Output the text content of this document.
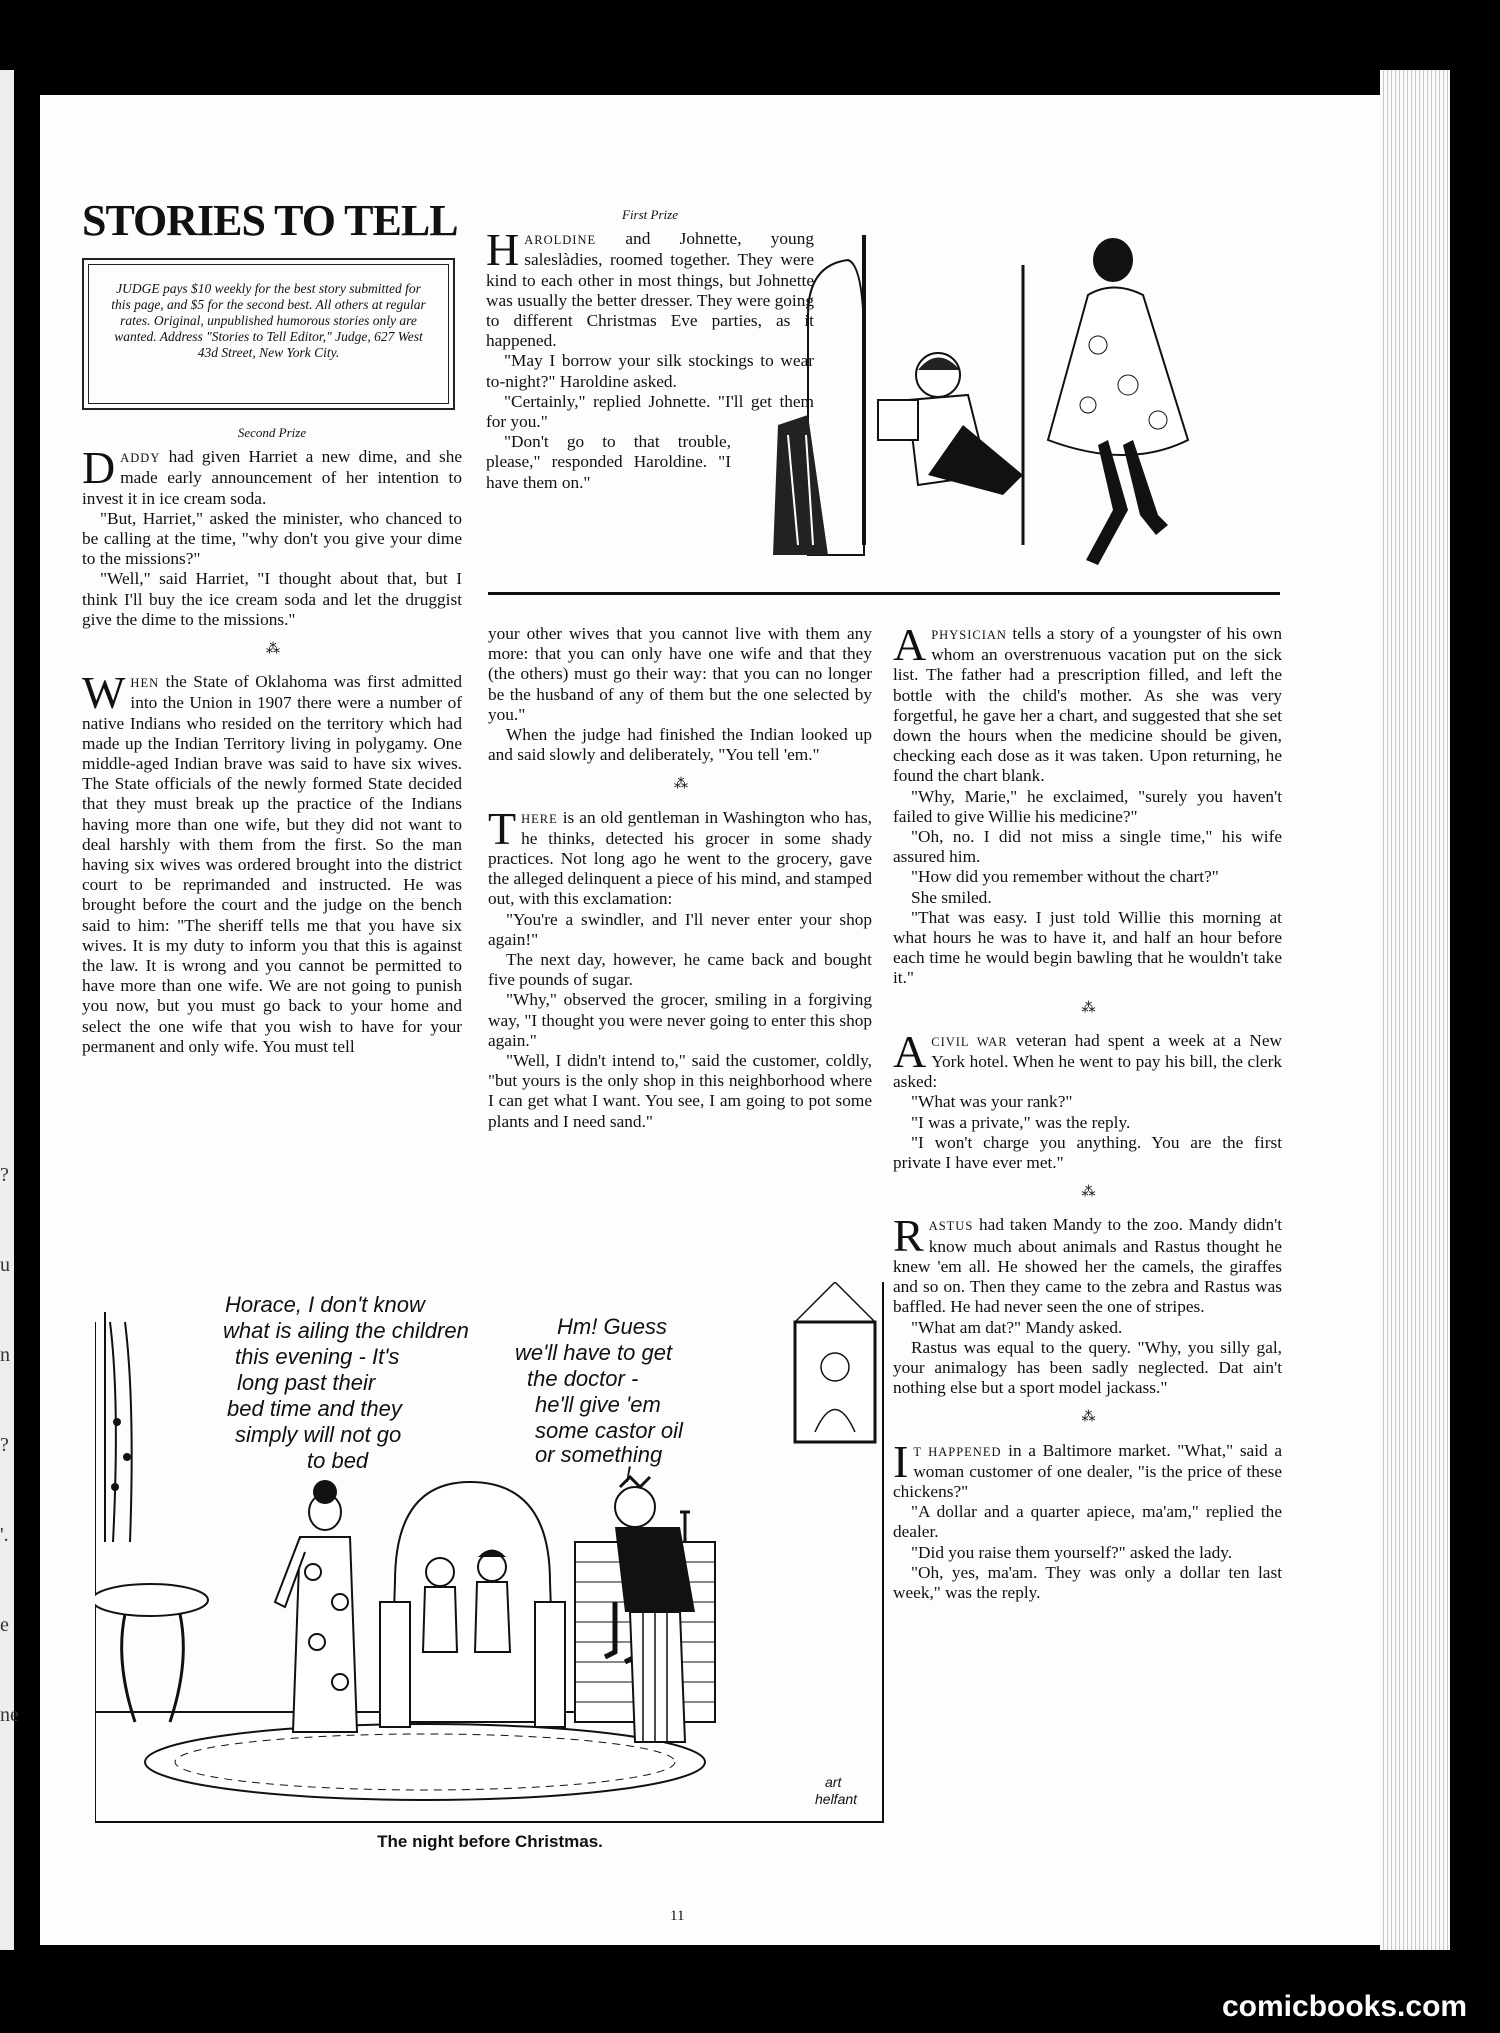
?
u
n
?
'.
e
ne
STORIES TO TELL
JUDGE pays $10 weekly for the best story submitted for this page, and $5 for the second best. All others at regular rates. Original, unpublished humorous stories only are wanted. Address "Stories to Tell Editor," Judge, 627 West 43d Street, New York City.
First Prize

HAROLDINE and Johnette, young saleslàdies, roomed together. They were kind to each other in most things, but Johnette was usually the better dresser. They were going to different Christmas Eve parties, as it happened.

"May I borrow your silk stockings to wear to-night?" Haroldine asked.

"Certainly," replied Johnette. "I'll get them for you."

"Don't go to that trouble, please," responded Haroldine. "I have them on."

Second Prize

DADDY had given Harriet a new dime, and she made early announcement of her intention to invest it in ice cream soda.

"But, Harriet," asked the minister, who chanced to be calling at the time, "why don't you give your dime to the missions?"

"Well," said Harriet, "I thought about that, but I think I'll buy the ice cream soda and let the druggist give the dime to the missions."

⁂

WHEN the State of Oklahoma was first admitted into the Union in 1907 there were a number of native Indians who resided on the territory which had made up the Indian Territory living in polygamy. One middle-aged Indian brave was said to have six wives. The State officials of the newly formed State decided that they must break up the practice of the Indians having more than one wife, but they did not want to deal harshly with them from the first. So the man having six wives was ordered brought into the district court to be reprimanded and instructed. He was brought before the court and the judge on the bench said to him: "The sheriff tells me that you have six wives. It is my duty to inform you that this is against the law. It is wrong and you cannot be permitted to have more than one wife. We are not going to punish you now, but you must go back to your home and select the one wife that you wish to have for your permanent and only wife. You must tell

your other wives that you cannot live with them any more: that you can only have one wife and that they (the others) must go their way: that you can no longer be the husband of any of them but the one selected by you."

When the judge had finished the Indian looked up and said slowly and deliberately, "You tell 'em."

⁂

THERE is an old gentleman in Washington who has, he thinks, detected his grocer in some shady practices. Not long ago he went to the grocery, gave the alleged delinquent a piece of his mind, and stamped out, with this exclamation:

"You're a swindler, and I'll never enter your shop again!"

The next day, however, he came back and bought five pounds of sugar.

"Why," observed the grocer, smiling in a forgiving way, "I thought you were never going to enter this shop again."

"Well, I didn't intend to," said the customer, coldly, "but yours is the only shop in this neighborhood where I can get what I want. You see, I am going to pot some plants and I need sand."

APHYSICIAN tells a story of a youngster of his own whom an overstrenuous vacation put on the sick list. The father had a prescription filled, and left the bottle with the child's mother. As she was very forgetful, he gave her a chart, and suggested that she set down the hours when the medicine should be given, checking each dose as it was taken. Upon returning, he found the chart blank.

"Why, Marie," he exclaimed, "surely you haven't failed to give Willie his medicine?"

"Oh, no. I did not miss a single time," his wife assured him.

"How did you remember without the chart?"

She smiled.

"That was easy. I just told Willie this morning at what hours he was to have it, and half an hour before each time he would begin bawling that he wouldn't take it."

⁂

A CIVIL WAR veteran had spent a week at a New York hotel. When he went to pay his bill, the clerk asked:

"What was your rank?"

"I was a private," was the reply.

"I won't charge you anything. You are the first private I have ever met."

⁂

RASTUS had taken Mandy to the zoo. Mandy didn't know much about animals and Rastus thought he knew 'em all. He showed her the camels, the giraffes and so on. Then they came to the zebra and Rastus was baffled. He had never seen the one of stripes.

"What am dat?" Mandy asked.

Rastus was equal to the query. "Why, you silly gal, your animalogy has been sadly neglected. Dat ain't nothing else but a sport model jackass."

⁂

IT HAPPENED in a Baltimore market. "What," said a woman customer of one dealer, "is the price of these chickens?"

"A dollar and a quarter apiece, ma'am," replied the dealer.

"Did you raise them yourself?" asked the lady.

"Oh, yes, ma'am. They was only a dollar ten last week," was the reply.

Horace, I don't know what is ailing the children this evening - It's long past their bed time and they simply will not go to bed
Hm! Guess we'll have to get the doctor - he'll give 'em some castor oil or something !
art helfant
The night before Christmas.
11
comicbooks.com
